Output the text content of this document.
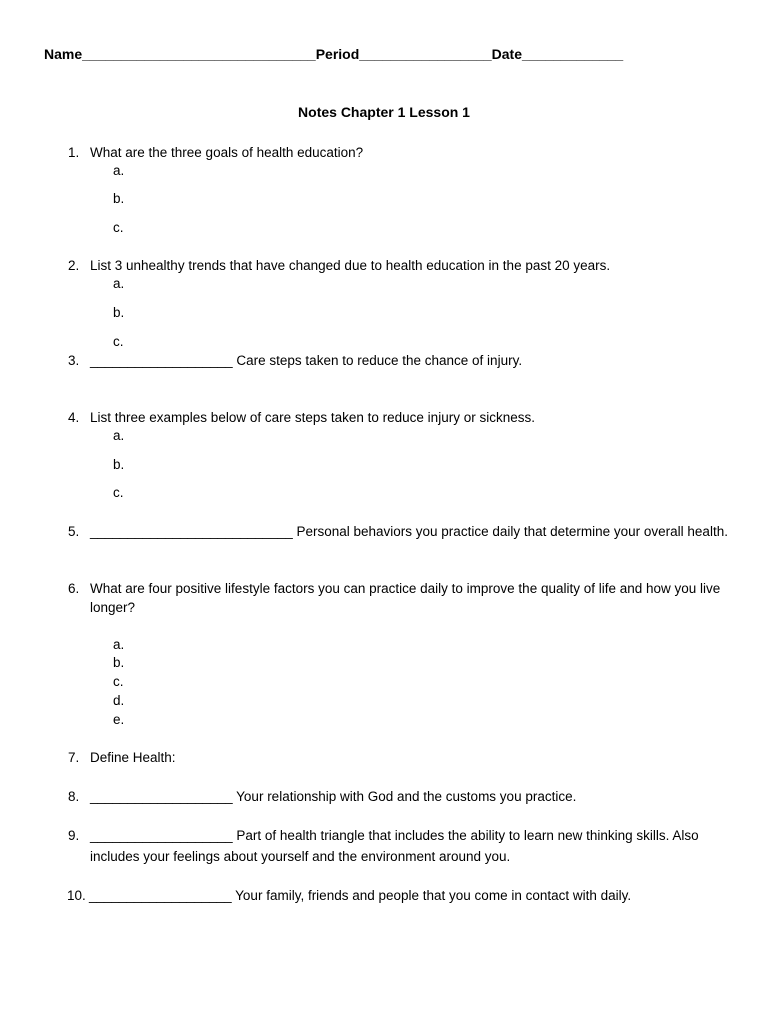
Name______________________________Period_________________Date_____________
Notes Chapter 1 Lesson 1
1. What are the three goals of health education?
a.
b.
c.
2. List 3 unhealthy trends that have changed due to health education in the past 20 years.
a.
b.
c.
3. ___________________ Care steps taken to reduce the chance of injury.
4. List three examples below of care steps taken to reduce injury or sickness.
a.
b.
c.
5. ___________________________ Personal behaviors you practice daily that determine your overall health.
6. What are four positive lifestyle factors you can practice daily to improve the quality of life and how you live longer?
a.
b.
c.
d.
e.
7. Define Health:
8. ___________________ Your relationship with God and the customs you practice.
9. ___________________ Part of health triangle that includes the ability to learn new thinking skills. Also includes your feelings about yourself and the environment around you.
10. ___________________ Your family, friends and people that you come in contact with daily.
